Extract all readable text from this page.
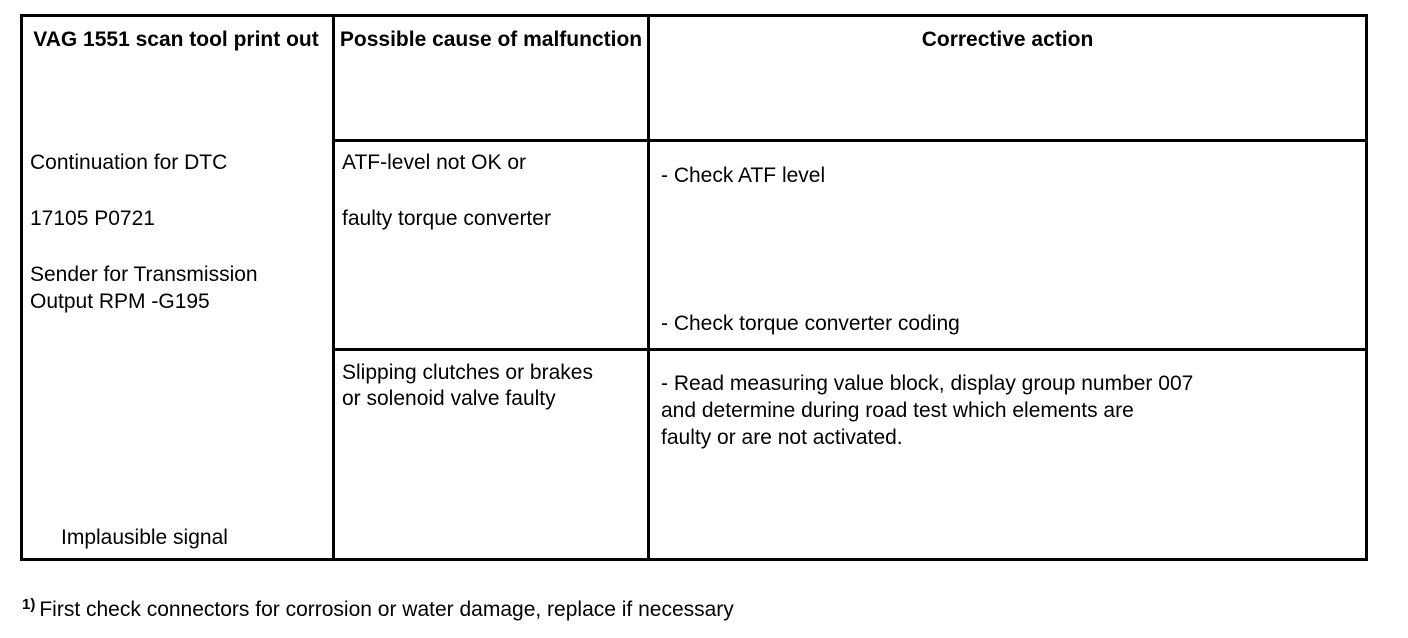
VAG 1551 scan tool print out	Possible cause of malfunction	Corrective action
Continuation for DTC
17105 P0721
Sender for Transmission
Output RPM -G195
Implausible signal
ATF-level not OK or
faulty torque converter
- Check ATF level
- Check torque converter coding
Slipping clutches or brakes
or solenoid valve faulty
- Read measuring value block, display group number 007
and determine during road test which elements are
faulty or are not activated.
$^{1)}$ First check connectors for corrosion or water damage, replace if necessary
